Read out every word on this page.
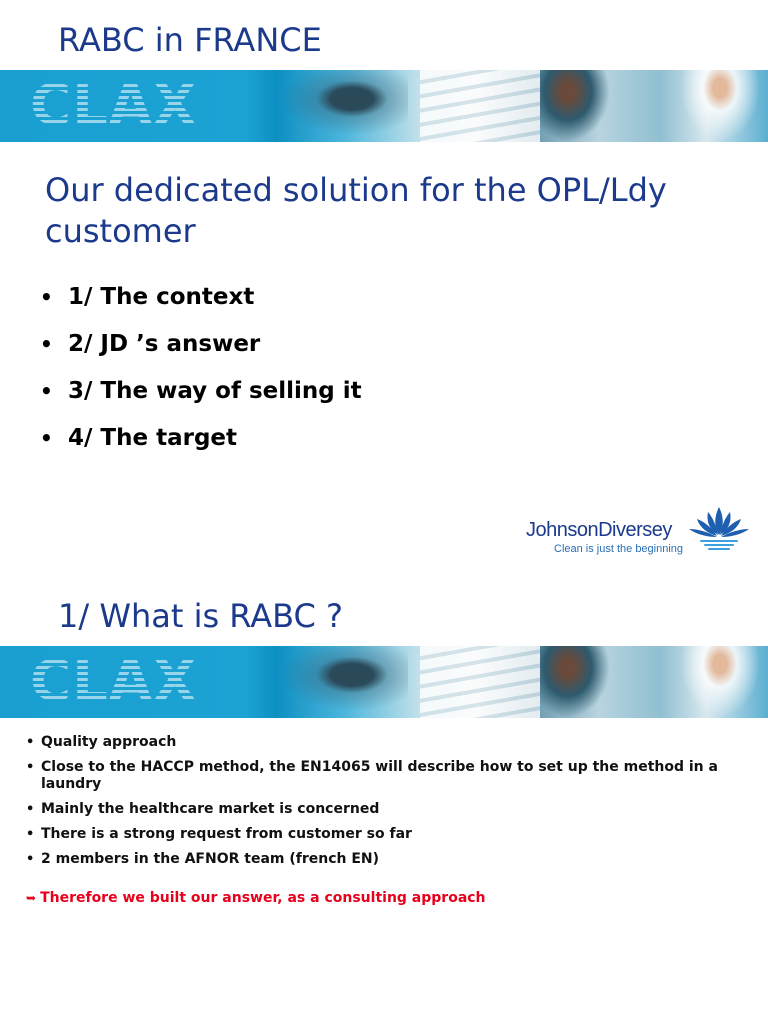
RABC in FRANCE
CLAX
Our dedicated solution for the OPL/Ldy customer
• 1/ The context
• 2/ JD ’s answer
• 3/ The way of selling it
• 4/ The target
JohnsonDiversey
Clean is just the beginning
1/ What is RABC ?
CLAX
• Quality approach
• Close to the HACCP method, the EN14065 will describe how to set up the method in a laundry
• Mainly the healthcare market is concerned
• There is a strong request from customer so far
• 2 members in the AFNOR team (french EN)
➥ Therefore we built our answer, as a consulting approach
